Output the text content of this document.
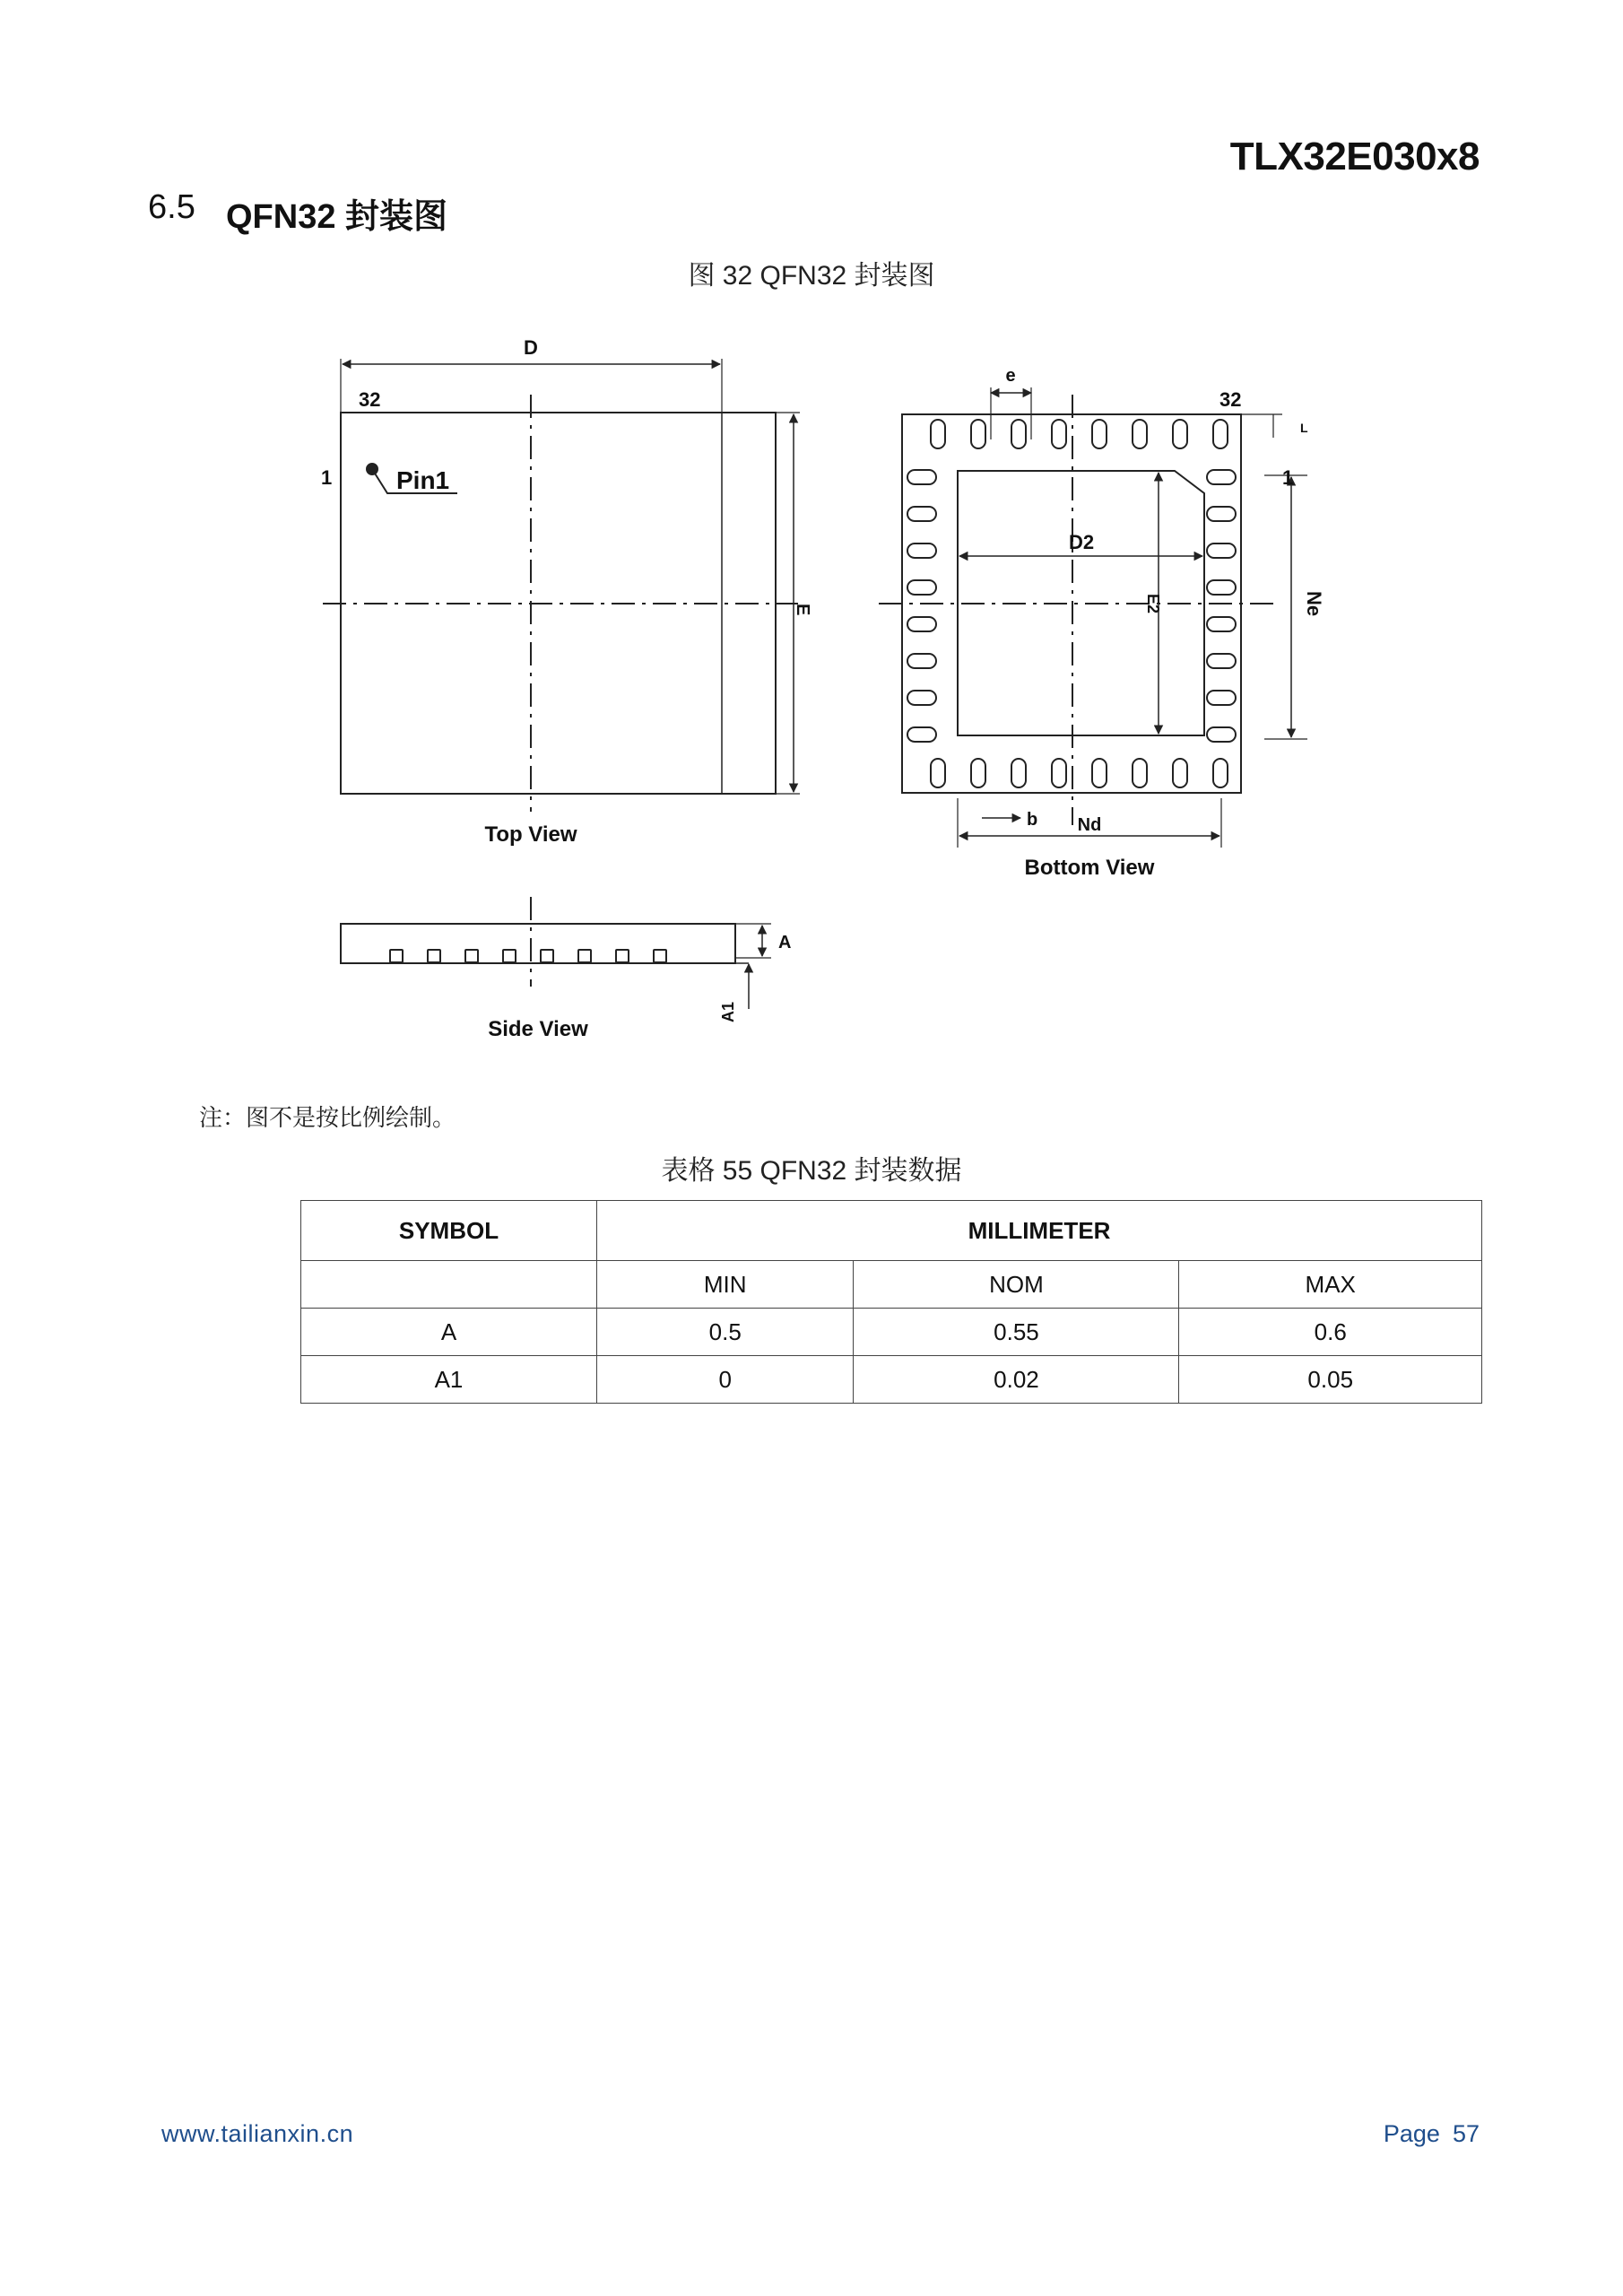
TLX32E030x8
6.5 QFN32 封装图
图 32 QFN32 封装图
D
32
1	Pin1
E
Top View
e
32
L
1
D2
E2	Ne
b Nd
Bottom View
A
A1
Side View
注：图不是按比例绘制。
表格 55 QFN32 封装数据
SYMBOL	MILLIMETER		
	MIN	NOM	MAX
A	0.5	0.55	0.6
A1	0	0.02	0.05
www.tailianxin.cn	Page 57
